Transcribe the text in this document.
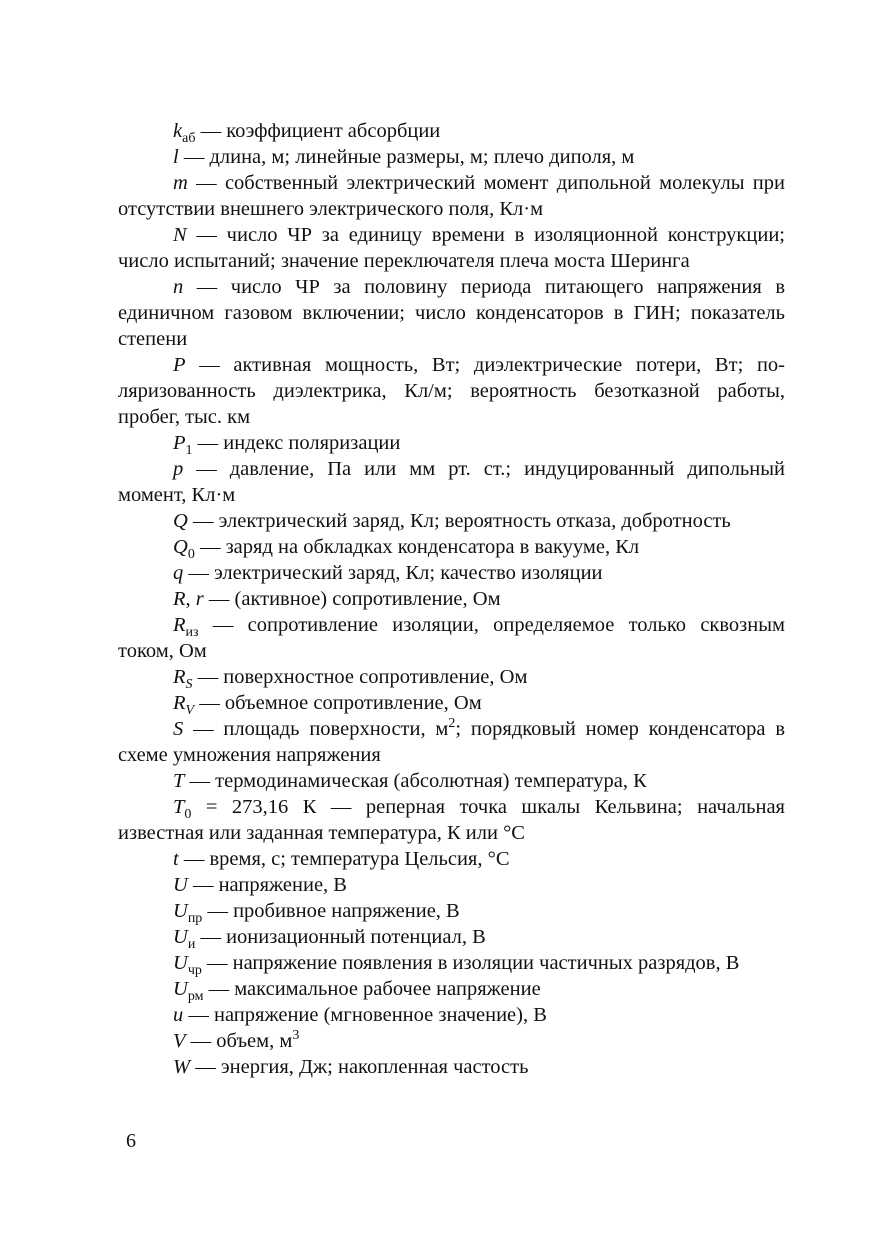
$k_{аб}$ — коэффициент абсорбции

l — длина, м; линейные размеры, м; плечо диполя, м

m — собственный электрический момент дипольной молекулы при отсутствии внешнего электрического поля, Кл·м

N — число ЧР за единицу времени в изоляционной конструкции; число испытаний; значение переключателя плеча моста Шеринга

n — число ЧР за половину периода питающего напряжения в единичном газовом включении; число конденсаторов в ГИН; показатель степени

P — активная мощность, Вт; диэлектрические потери, Вт; поляризованность диэлектрика, Кл/м; вероятность безотказной работы, пробег, тыс. км

$P_1$ — индекс поляризации

p — давление, Па или мм рт. ст.; индуцированный дипольный момент, Кл·м

Q — электрический заряд, Кл; вероятность отказа, добротность

$Q_0$ — заряд на обкладках конденсатора в вакууме, Кл

q — электрический заряд, Кл; качество изоляции

R, r — (активное) сопротивление, Ом

$R_{из}$ — сопротивление изоляции, определяемое только сквозным током, Ом

$R_S$ — поверхностное сопротивление, Ом

$R_V$ — объемное сопротивление, Ом

S — площадь поверхности, $м^2$; порядковый номер конденсатора в схеме умножения напряжения

T — термодинамическая (абсолютная) температура, К

$T_0 = 273,16$ К — реперная точка шкалы Кельвина; начальная известная или заданная температура, К или °С

t — время, с; температура Цельсия, °С

U — напряжение, В

$U_{пр}$ — пробивное напряжение, В

$U_и$ — ионизационный потенциал, В

$U_{чр}$ — напряжение появления в изоляции частичных разрядов, В

$U_{рм}$ — максимальное рабочее напряжение

u — напряжение (мгновенное значение), В

V — объем, $м^3$

W — энергия, Дж; накопленная частость

6
